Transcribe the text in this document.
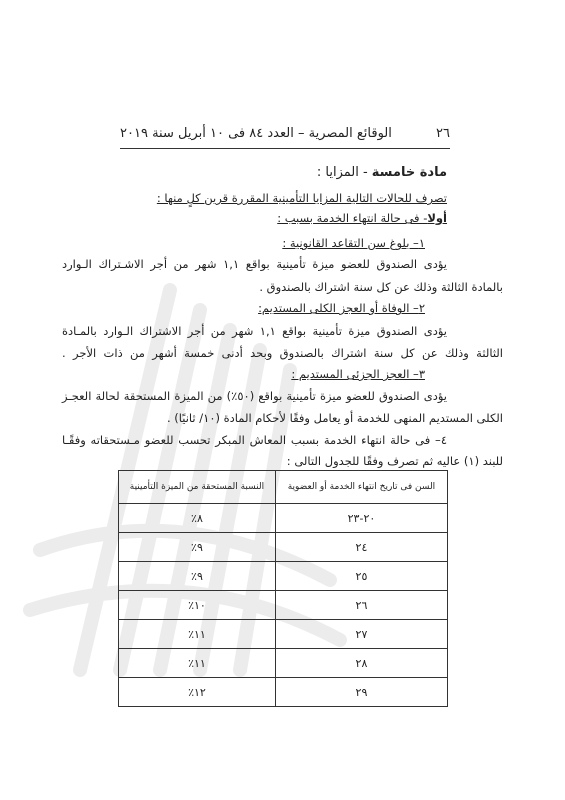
٢٦
الوقائع المصرية – العدد ٨٤ فى ١٠ أبريل سنة ٢٠١٩
مادة خامسة - المزايا :
تصرف للحالات التالية المزايا التأمينية المقررة قرين كلٍ منها :
أولا- فى حالة انتهاء الخدمة بسبب :
١– بلوغ سن التقاعد القانونية :
يؤدى الصندوق للعضو ميزة تأمينية بواقع ١,١ شهر من أجر الاشـتراك الـوارد
بالمادة الثالثة وذلك عن كل سنة اشتراك بالصندوق .
٢– الوفاة أو العجز الكلى المستديم:
يؤدى الصندوق ميزة تأمينية بواقع ١,١ شهر من أجر الاشتراك الـوارد بالمـادة
الثالثة وذلك عن كل سنة اشتراك بالصندوق وبحد أدنى خمسة أشهر من ذات الأجر .
٣– العجز الجزئى المستديم :
يؤدى الصندوق للعضو ميزة تأمينية بواقع (٥٠٪) من الميزة المستحقة لحالة العجـز
الكلى المستديم المنهى للخدمة أو يعامل وفقًا لأحكام المادة (١٠/ ثانيًا) .
٤– فى حالة انتهاء الخدمة بسبب المعاش المبكر تحسب للعضو مـستحقاته وفقًـا
للبند (١) عاليه ثم تصرف وفقًا للجدول التالى :
السن فى تاريخ انتهاء الخدمة أو العضوية	النسبة المستحقة من الميزة التأمينية
٢٠-٢٣	٨٪
٢٤	٩٪
٢٥	٩٪
٢٦	١٠٪
٢٧	١١٪
٢٨	١١٪
٢٩	١٢٪
